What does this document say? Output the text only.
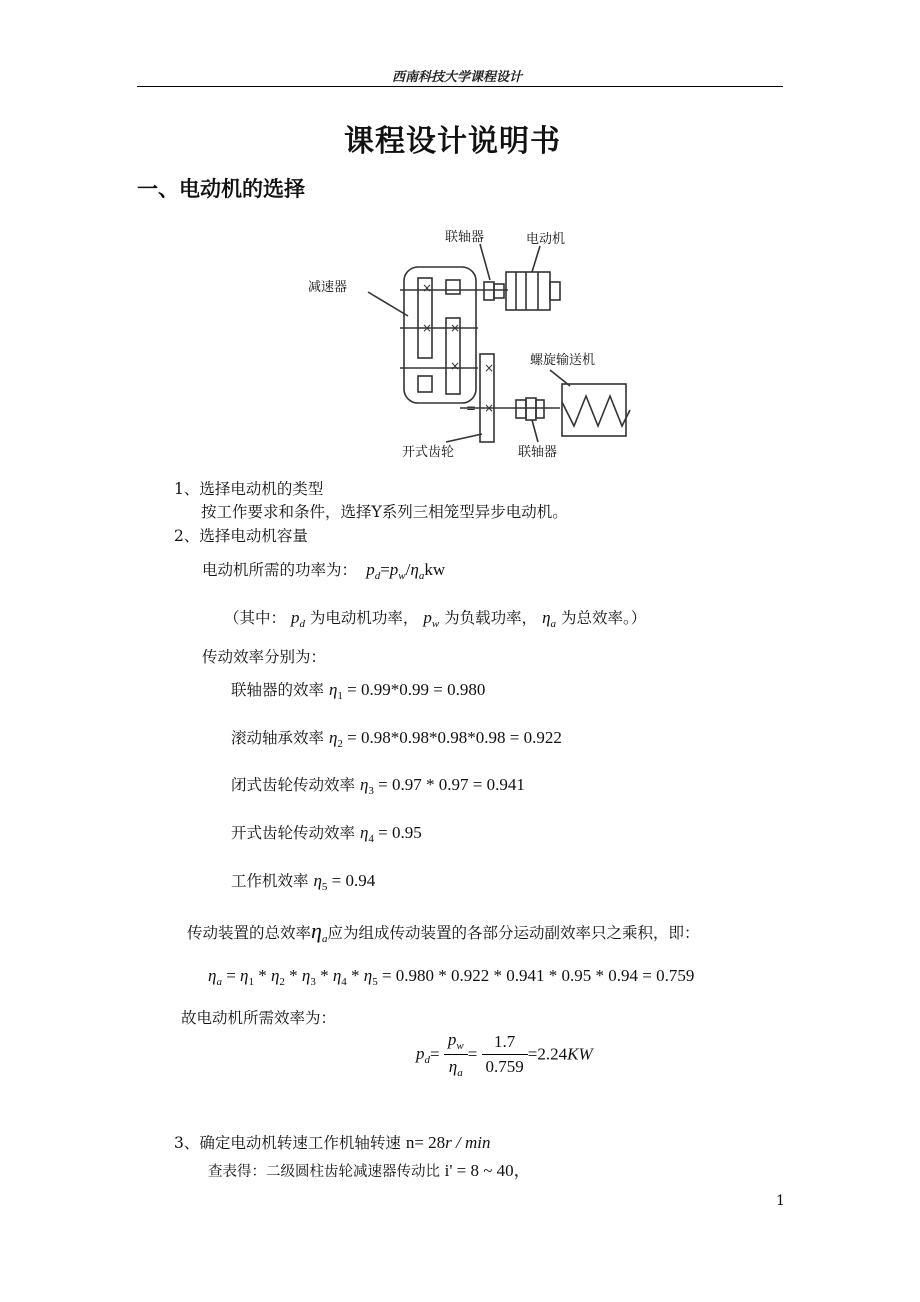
西南科技大学课程设计
课程设计说明书
一、电动机的选择
×
× ×
× ×
×
=
联轴器	电动机
减速器
螺旋输送机
开式齿轮	联轴器
1、选择电动机的类型
按工作要求和条件，选择Y系列三相笼型异步电动机。
2、选择电动机容量
电动机所需的功率为： $p_d=p_w/\eta_akw$
（其中： $p_d$ 为电动机功率， $p_w$ 为负载功率， $\eta_a$ 为总效率。）
传动效率分别为：
联轴器的效率 $\eta_1 = 0.99*0.99 = 0.980$
滚动轴承效率 $\eta_2 = 0.98*0.98*0.98*0.98 = 0.922$
闭式齿轮传动效率 $\eta_3 = 0.97 * 0.97 = 0.941$
开式齿轮传动效率 $\eta_4 = 0.95$
工作机效率 $\eta_5 = 0.94$
传动装置的总效率$\eta_a$应为组成传动装置的各部分运动副效率只之乘积，即：
$\eta_a = \eta_1 * \eta_2 * \eta_3 * \eta_4 * \eta_5 = 0.980 * 0.922 * 0.941 * 0.95 * 0.94 = 0.759$
故电动机所需效率为：
$p_d= \frac{p_w}{\eta_a} = \frac{1.7}{0.759} =2.24KW$
3、确定电动机转速工作机轴转速 n= 28r / min
查表得：二级圆柱齿轮减速器传动比 i' = 8 ~ 40，
1
